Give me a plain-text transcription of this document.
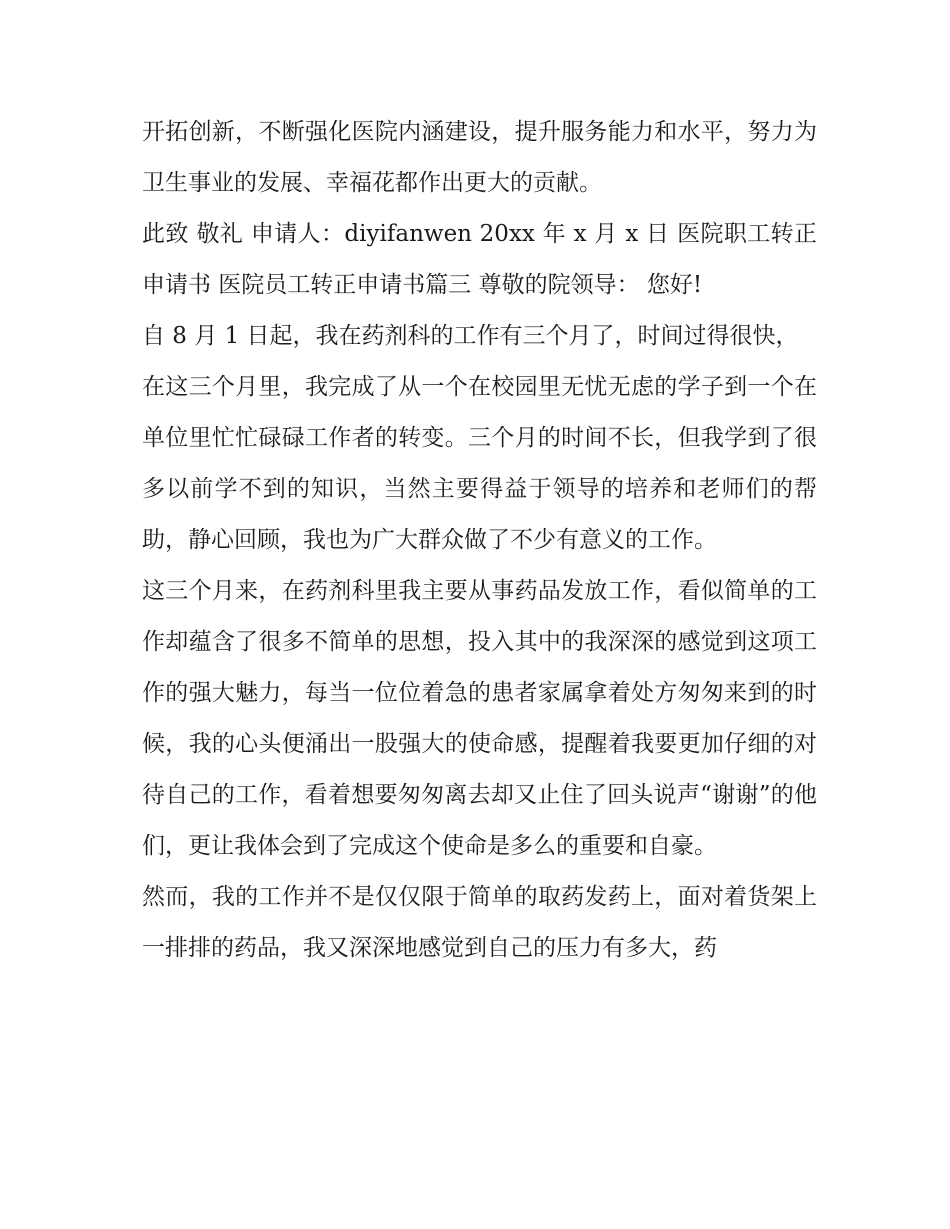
开拓创新，不断强化医院内涵建设，提升服务能力和水平，努力为 卫生事业的发展、幸福花都作出更大的贡献。

此致 敬礼 申请人：diyifanwen 20xx 年 x 月 x 日 医院职工转正申请书 医院员工转正申请书篇三 尊敬的院领导： 您好!

自 8 月 1 日起，我在药剂科的工作有三个月了，时间过得很快，

在这三个月里，我完成了从一个在校园里无忧无虑的学子到一个在单位里忙忙碌碌工作者的转变。三个月的时间不长，但我学到了很多以前学不到的知识，当然主要得益于领导的培养和老师们的帮助，静心回顾，我也为广大群众做了不少有意义的工作。

这三个月来，在药剂科里我主要从事药品发放工作，看似简单的工作却蕴含了很多不简单的思想，投入其中的我深深的感觉到这项工作的强大魅力，每当一位位着急的患者家属拿着处方匆匆来到的时候，我的心头便涌出一股强大的使命感，提醒着我要更加仔细的对待自己的工作，看着想要匆匆离去却又止住了回头说声“谢谢”的他们，更让我体会到了完成这个使命是多么的重要和自豪。

然而，我的工作并不是仅仅限于简单的取药发药上，面对着货架上一排排的药品，我又深深地感觉到自己的压力有多大，药
